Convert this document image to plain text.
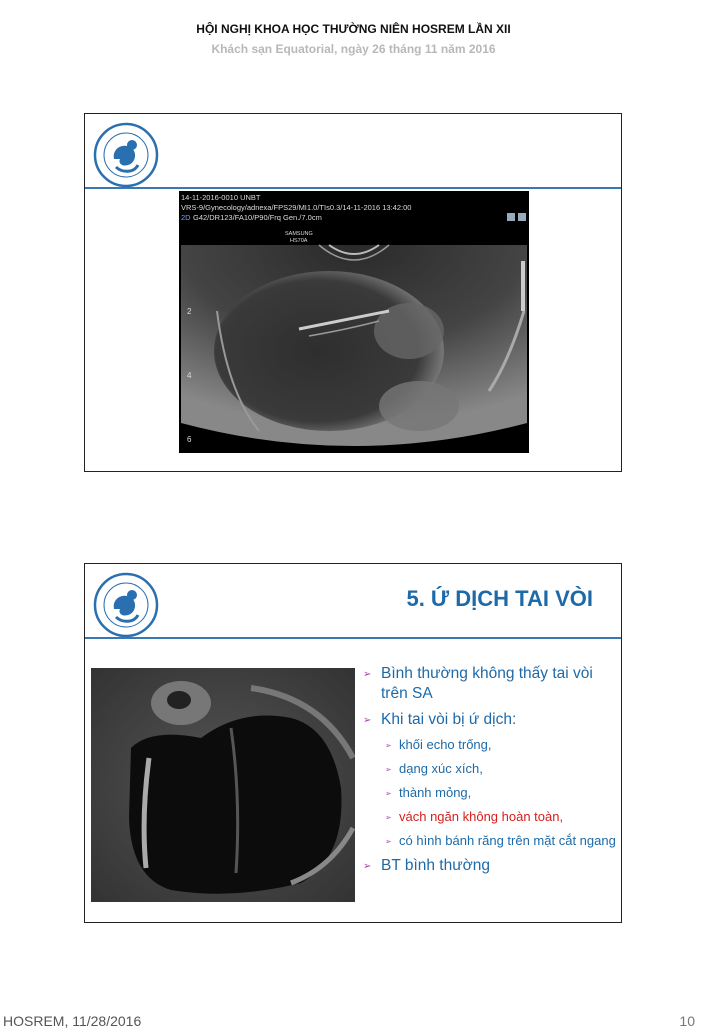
HỘI NGHỊ KHOA HỌC THƯỜNG NIÊN HOSREM LẦN XII
Khách sạn Equatorial, ngày 26 tháng 11 năm 2016
14-11-2016-0010 UNBT
VRS-9/Gynecology/adnexa/FPS29/MI1.0/TIs0.3/14-11-2016 13:42:00
2D G42/DR123/FA10/P90/Frq Gen./7.0cm
SAMSUNG
HS70A
2
4
6
5. Ứ DỊCH TAI VÒI
➢ Bình thường không thấy tai vòi trên SA
➢ Khi tai vòi bị ứ dịch:
➢ khối echo trống,
➢ dạng xúc xích,
➢ thành mỏng,
➢ vách ngăn không hoàn toàn,
➢ có hình bánh răng trên mặt cắt ngang
➢ BT bình thường
HOSREM, 11/28/2016	10
